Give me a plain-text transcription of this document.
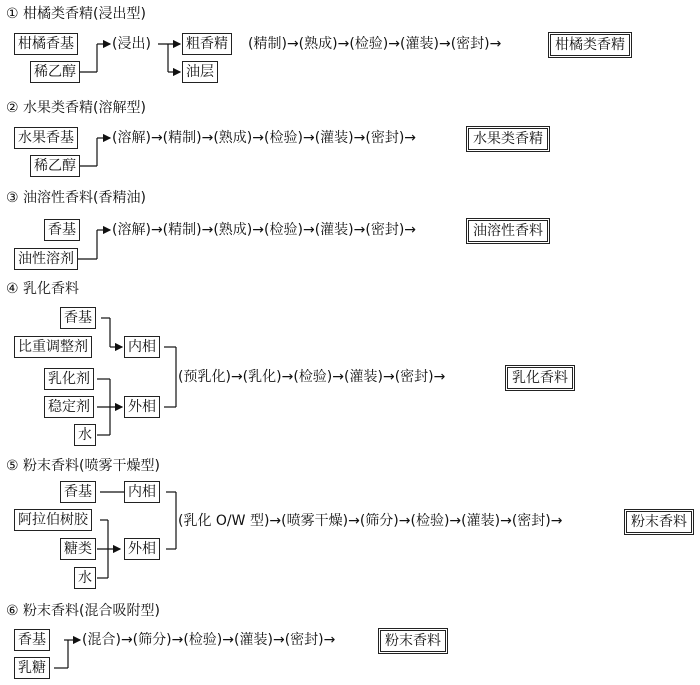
① 柑橘类香精(浸出型)
柑橘香基
稀乙醇
(浸出)	粗香精
油层
(精制)→(熟成)→(检验)→(灌装)→(密封)→	柑橘类香精
② 水果类香精(溶解型)
水果香基
稀乙醇
(溶解)→(精制)→(熟成)→(检验)→(灌装)→(密封)→	水果类香精
③ 油溶性香料(香精油)
香基
油性溶剂
(溶解)→(精制)→(熟成)→(检验)→(灌装)→(密封)→	油溶性香料
④ 乳化香料
香基
比重调整剂
乳化剂
稳定剂
水
内相
外相
(预乳化)→(乳化)→(检验)→(灌装)→(密封)→	乳化香料
⑤ 粉末香料(喷雾干燥型)
香基
阿拉伯树胶
糖类
水
内相
外相
(乳化 O/W 型)→(喷雾干燥)→(筛分)→(检验)→(灌装)→(密封)→	粉末香料
⑥ 粉末香料(混合吸附型)
香基
乳糖
(混合)→(筛分)→(检验)→(灌装)→(密封)→	粉末香料
